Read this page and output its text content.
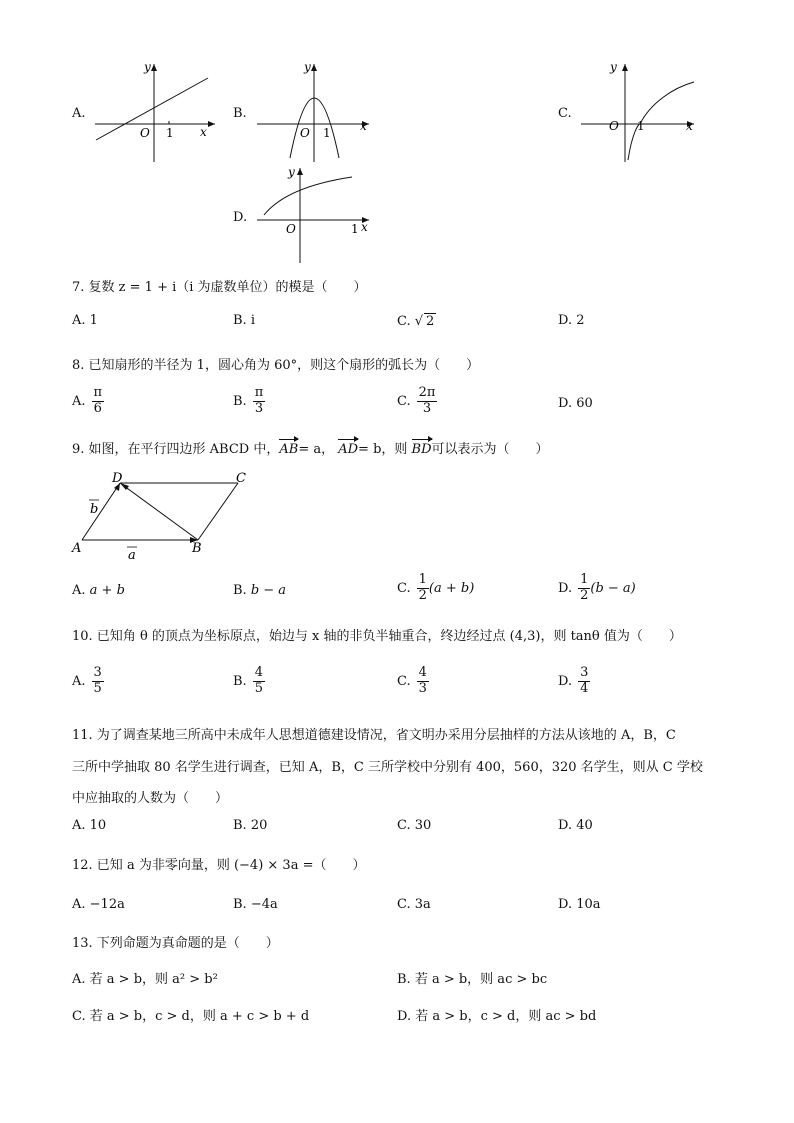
A.
y
x
O 1
B.
y
x
O 1
C.
y
x
O 1
D.
y
x
O	1
7. 复数 z = 1 + i（i 为虚数单位）的模是（　　）
A. 1	B. i	C. √ 2	D. 2
8. 已知扇形的半径为 1，圆心角为 60°，则这个扇形的弧长为（　　）
A. $\frac{\pi}{6}$	B. $\frac{\pi}{3}$	C. $\frac{2\pi}{3}$	D. 60
9. 如图，在平行四边形 ABCD 中，AB= a， AD= b，则 BD可以表示为（　　）
A	B
C
D
a
b
A. a + b	B. b − a	C. $\frac{1}{2} (a + b)$	D. $\frac{1}{2} (b - a)$
10. 已知角 θ 的顶点为坐标原点，始边与 x 轴的非负半轴重合，终边经过点 (4,3)，则 tanθ 值为（　　）
A. $\frac{3}{5}$	B. $\frac{4}{5}$	C. $\frac{4}{3}$	D. $\frac{3}{4}$
11. 为了调查某地三所高中未成年人思想道德建设情况，省文明办采用分层抽样的方法从该地的 A，B，C
三所中学抽取 80 名学生进行调查，已知 A，B，C 三所学校中分别有 400，560，320 名学生，则从 C 学校
中应抽取的人数为（　　）
A. 10	B. 20	C. 30	D. 40
12. 已知 a 为非零向量，则 (−4) × 3a =（　　）
A. −12a	B. −4a	C. 3a	D. 10a
13. 下列命题为真命题的是（　　）
A. 若 a > b，则 a² > b²	B. 若 a > b，则 ac > bc
C. 若 a > b，c > d，则 a + c > b + d	D. 若 a > b，c > d，则 ac > bd
